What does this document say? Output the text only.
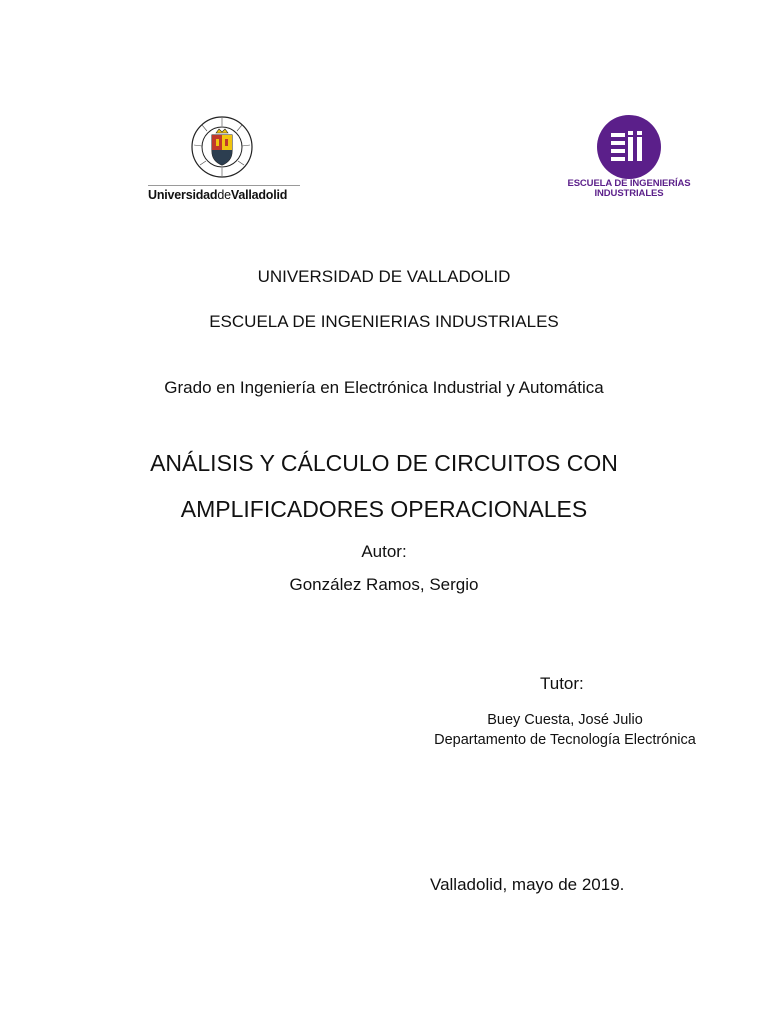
UniversidaddeValladolid
ESCUELA DE INGENIERÍAS INDUSTRIALES
UNIVERSIDAD DE VALLADOLID
ESCUELA DE INGENIERIAS INDUSTRIALES
Grado en Ingeniería en Electrónica Industrial y Automática
ANÁLISIS Y CÁLCULO DE CIRCUITOS CON
AMPLIFICADORES OPERACIONALES
Autor:
González Ramos, Sergio
Tutor:
Buey Cuesta, José Julio
Departamento de Tecnología Electrónica
Valladolid, mayo de 2019.
